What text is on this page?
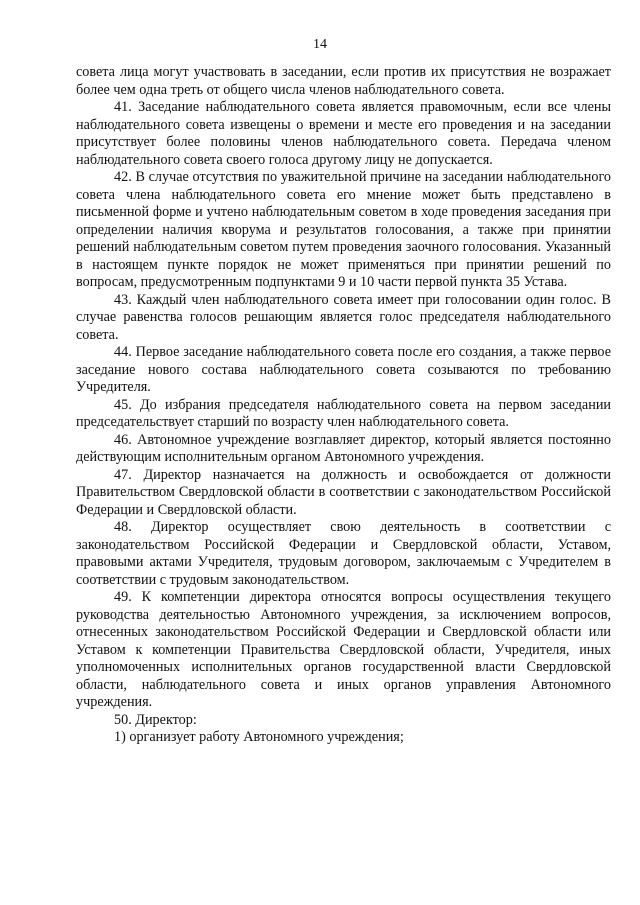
14

совета лица могут участвовать в заседании, если против их присутствия не возражает более чем одна треть от общего числа членов наблюдательного совета.

41. Заседание наблюдательного совета является правомочным, если все члены наблюдательного совета извещены о времени и месте его проведения и на заседании присутствует более половины членов наблюдательного совета. Передача членом наблюдательного совета своего голоса другому лицу не допускается.

42. В случае отсутствия по уважительной причине на заседании наблюдательного совета члена наблюдательного совета его мнение может быть представлено в письменной форме и учтено наблюдательным советом в ходе проведения заседания при определении наличия кворума и результатов голосования, а также при принятии решений наблюдательным советом путем проведения заочного голосования. Указанный в настоящем пункте порядок не может применяться при принятии решений по вопросам, предусмотренным подпунктами 9 и 10 части первой пункта 35 Устава.

43. Каждый член наблюдательного совета имеет при голосовании один голос. В случае равенства голосов решающим является голос председателя наблюдательного совета.

44. Первое заседание наблюдательного совета после его создания, а также первое заседание нового состава наблюдательного совета созываются по требованию Учредителя.

45. До избрания председателя наблюдательного совета на первом заседании председательствует старший по возрасту член наблюдательного совета.

46. Автономное учреждение возглавляет директор, который является постоянно действующим исполнительным органом Автономного учреждения.

47. Директор назначается на должность и освобождается от должности Правительством Свердловской области в соответствии с законодательством Российской Федерации и Свердловской области.

48. Директор осуществляет свою деятельность в соответствии с законодательством Российской Федерации и Свердловской области, Уставом, правовыми актами Учредителя, трудовым договором, заключаемым с Учредителем в соответствии с трудовым законодательством.

49. К компетенции директора относятся вопросы осуществления текущего руководства деятельностью Автономного учреждения, за исключением вопросов, отнесенных законодательством Российской Федерации и Свердловской области или Уставом к компетенции Правительства Свердловской области, Учредителя, иных уполномоченных исполнительных органов государственной власти Свердловской области, наблюдательного совета и иных органов управления Автономного учреждения.

50. Директор:

1) организует работу Автономного учреждения;
